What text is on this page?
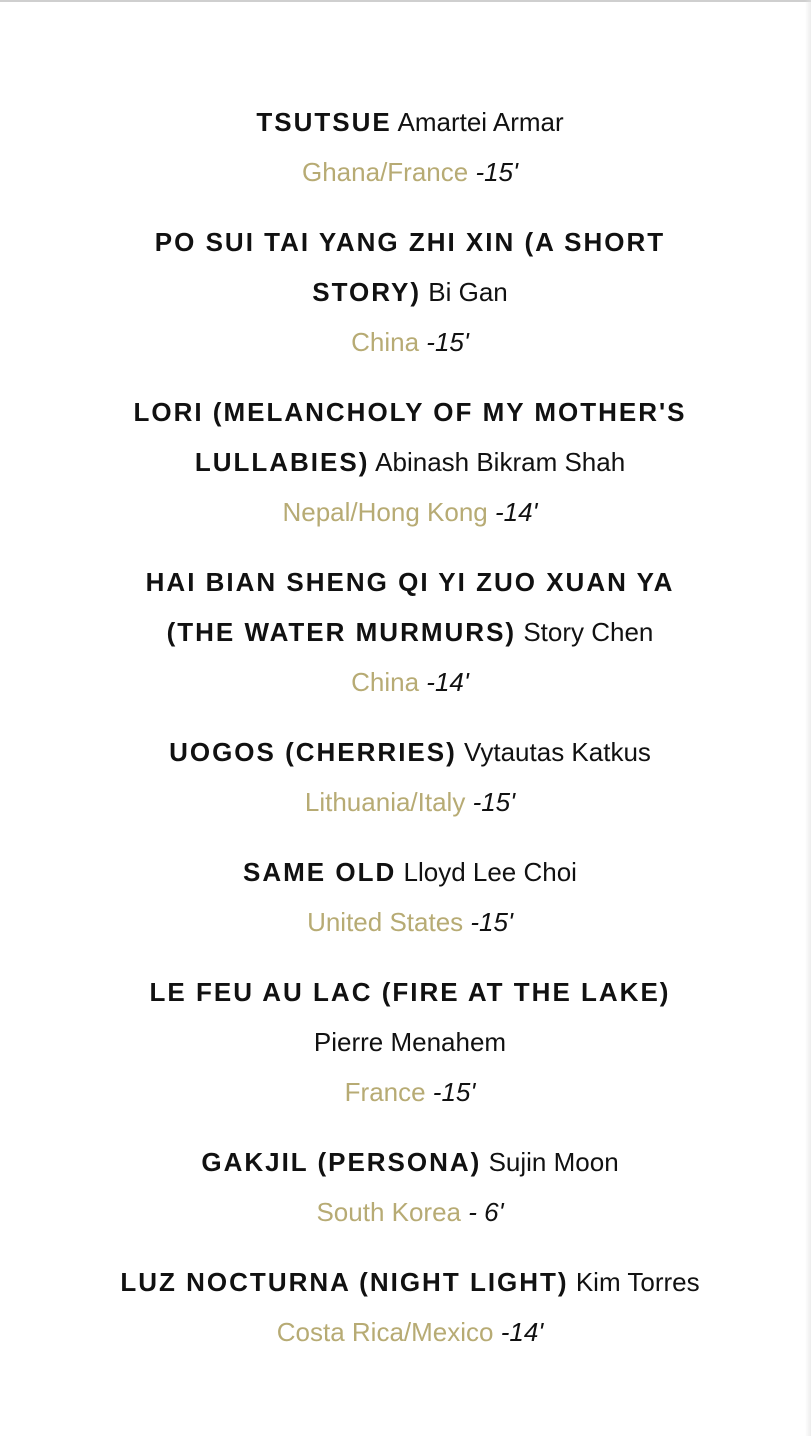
TSUTSUE Amartei Armar
Ghana/France -15'
PO SUI TAI YANG ZHI XIN (A SHORT
STORY) Bi Gan
China -15'
LORI (MELANCHOLY OF MY MOTHER'S
LULLABIES) Abinash Bikram Shah
Nepal/Hong Kong -14'
HAI BIAN SHENG QI YI ZUO XUAN YA
(THE WATER MURMURS) Story Chen
China -14'
UOGOS (CHERRIES) Vytautas Katkus
Lithuania/Italy -15'
SAME OLD Lloyd Lee Choi
United States -15'
LE FEU AU LAC (FIRE AT THE LAKE)
Pierre Menahem
France -15'
GAKJIL (PERSONA) Sujin Moon
South Korea - 6'
LUZ NOCTURNA (NIGHT LIGHT) Kim Torres
Costa Rica/Mexico -14'
